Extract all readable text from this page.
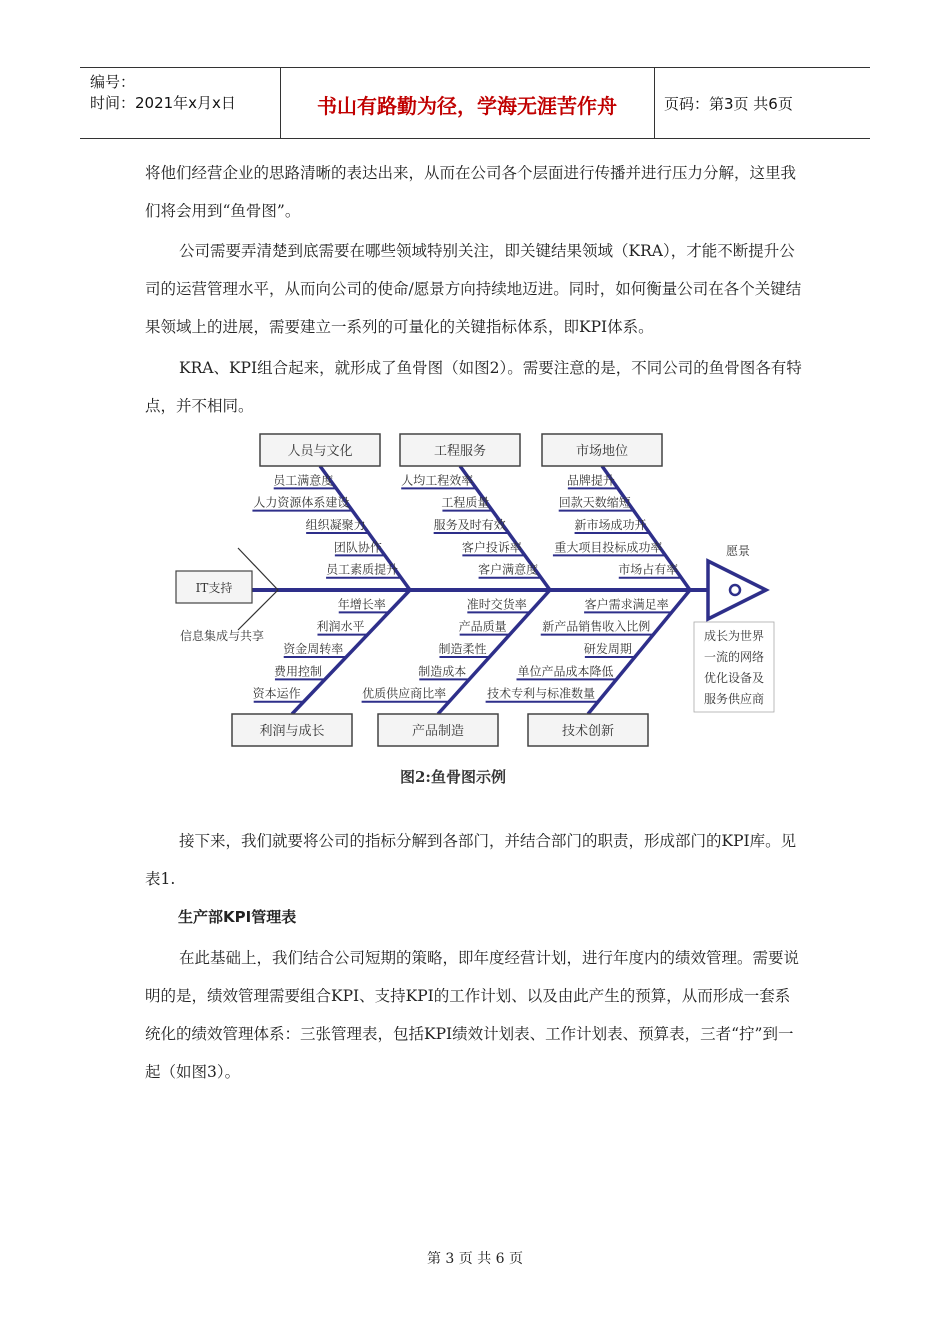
编号：
时间：2021年x月x日	书山有路勤为径，学海无涯苦作舟	页码：第3页 共6页

将他们经营企业的思路清晰的表达出来，从而在公司各个层面进行传播并进行压力分解，这里我们将会用到“鱼骨图”。

公司需要弄清楚到底需要在哪些领域特别关注，即关键结果领域（KRA），才能不断提升公司的运营管理水平，从而向公司的使命/愿景方向持续地迈进。同时，如何衡量公司在各个关键结果领域上的进展，需要建立一系列的可量化的关键指标体系，即KPI体系。

KRA、KPI组合起来，就形成了鱼骨图（如图2）。需要注意的是，不同公司的鱼骨图各有特点，并不相同。

IT支持
信息集成与共享
愿景
成长为世界
一流的网络
优化设备及
服务供应商
人员与文化	工程服务	市场地位
利润与成长	产品制造	技术创新
员工满意度
人力资源体系建设
组织凝聚力
团队协作
员工素质提升
人均工程效率
工程质量
服务及时有效
客户投诉率
客户满意度
品牌提升
回款天数缩短
新市场成功开
重大项目投标成功率
市场占有率
年增长率
利润水平
资金周转率
费用控制
资本运作
准时交货率
产品质量
制造柔性
制造成本
优质供应商比率
客户需求满足率
新产品销售收入比例
研发周期
单位产品成本降低
技术专利与标准数量
图2:鱼骨图示例

接下来，我们就要将公司的指标分解到各部门，并结合部门的职责，形成部门的KPI库。见表1.

生产部KPI管理表

在此基础上，我们结合公司短期的策略，即年度经营计划，进行年度内的绩效管理。需要说明的是，绩效管理需要组合KPI、支持KPI的工作计划、以及由此产生的预算，从而形成一套系统化的绩效管理体系：三张管理表，包括KPI绩效计划表、工作计划表、预算表，三者“拧”到一起（如图3）。

第 3 页 共 6 页
